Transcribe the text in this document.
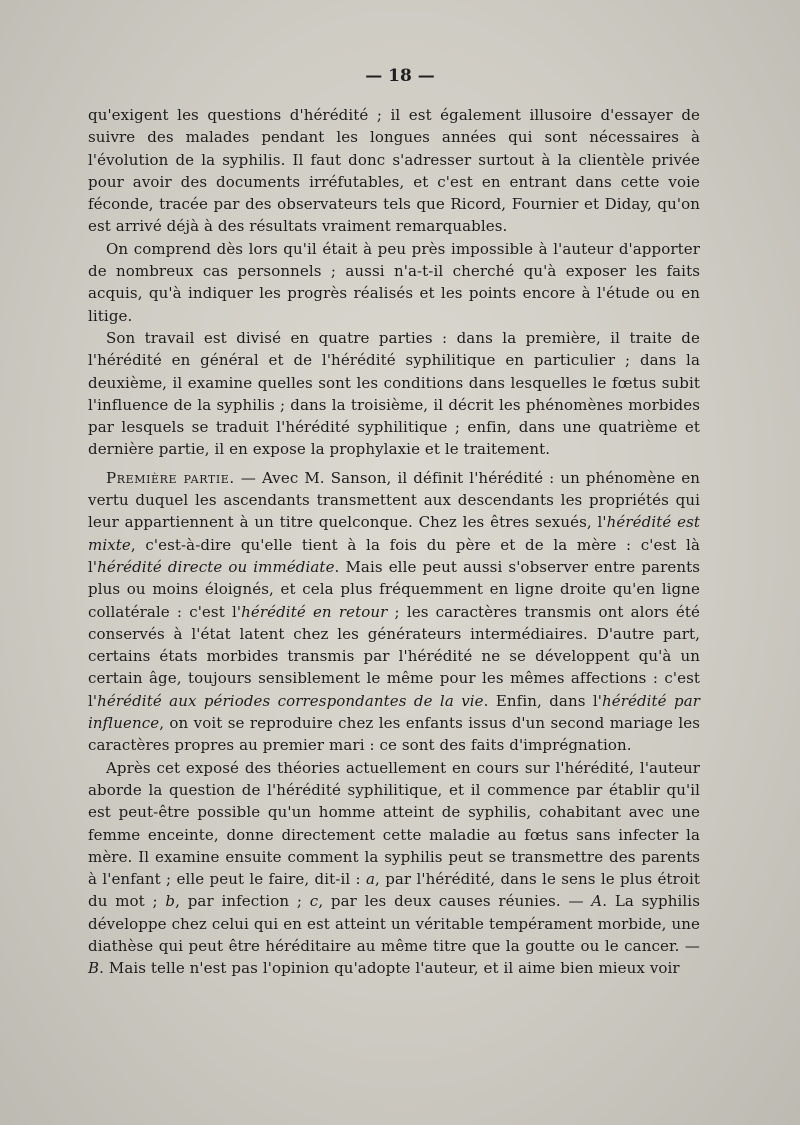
— 18 —

qu'exigent les questions d'hérédité ; il est également illusoire d'essayer de suivre des malades pendant les longues années qui sont nécessaires à l'évolution de la syphilis. Il faut donc s'adresser surtout à la clientèle privée pour avoir des documents irréfutables, et c'est en entrant dans cette voie féconde, tracée par des observateurs tels que Ricord, Fournier et Diday, qu'on est arrivé déjà à des résultats vraiment remarquables.

On comprend dès lors qu'il était à peu près impossible à l'auteur d'apporter de nombreux cas personnels ; aussi n'a-t-il cherché qu'à exposer les faits acquis, qu'à indiquer les progrès réalisés et les points encore à l'étude ou en litige.

Son travail est divisé en quatre parties : dans la première, il traite de l'hérédité en général et de l'hérédité syphilitique en particulier ; dans la deuxième, il examine quelles sont les conditions dans lesquelles le fœtus subit l'influence de la syphilis ; dans la troisième, il décrit les phénomènes morbides par lesquels se traduit l'hérédité syphilitique ; enfin, dans une quatrième et dernière partie, il en expose la prophylaxie et le traitement.

Première partie. — Avec M. Sanson, il définit l'hérédité : un phénomène en vertu duquel les ascendants transmettent aux descendants les propriétés qui leur appartiennent à un titre quelconque. Chez les êtres sexués, l'hérédité est mixte, c'est-à-dire qu'elle tient à la fois du père et de la mère : c'est là l'hérédité directe ou immédiate. Mais elle peut aussi s'observer entre parents plus ou moins éloignés, et cela plus fréquemment en ligne droite qu'en ligne collatérale : c'est l'hérédité en retour ; les caractères transmis ont alors été conservés à l'état latent chez les générateurs intermédiaires. D'autre part, certains états morbides transmis par l'hérédité ne se développent qu'à un certain âge, toujours sensiblement le même pour les mêmes affections : c'est l'hérédité aux périodes correspondantes de la vie. Enfin, dans l'hérédité par influence, on voit se reproduire chez les enfants issus d'un second mariage les caractères propres au premier mari : ce sont des faits d'imprégnation.

Après cet exposé des théories actuellement en cours sur l'hérédité, l'auteur aborde la question de l'hérédité syphilitique, et il commence par établir qu'il est peut-être possible qu'un homme atteint de syphilis, cohabitant avec une femme enceinte, donne directement cette maladie au fœtus sans infecter la mère. Il examine ensuite comment la syphilis peut se transmettre des parents à l'enfant ; elle peut le faire, dit-il : a, par l'hérédité, dans le sens le plus étroit du mot ; b, par infection ; c, par les deux causes réunies. — A. La syphilis développe chez celui qui en est atteint un véritable tempérament morbide, une diathèse qui peut être héréditaire au même titre que la goutte ou le cancer. — B. Mais telle n'est pas l'opinion qu'adopte l'auteur, et il aime bien mieux voir
